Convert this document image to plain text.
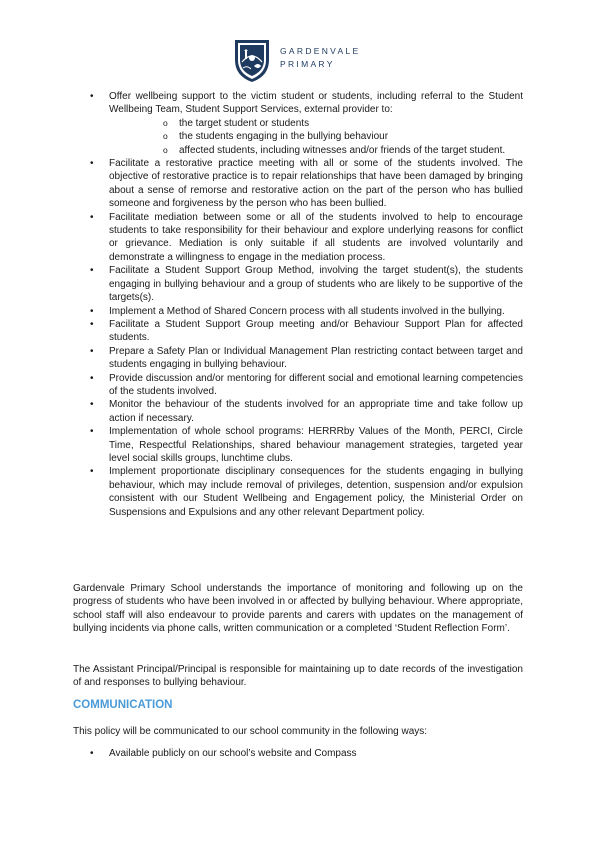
GARDENVALE
PRIMARY
• Offer wellbeing support to the victim student or students, including referral to the Student Wellbeing Team, Student Support Services, external provider to:
o the target student or students
o the students engaging in the bullying behaviour
o affected students, including witnesses and/or friends of the target student.
• Facilitate a restorative practice meeting with all or some of the students involved. The objective of restorative practice is to repair relationships that have been damaged by bringing about a sense of remorse and restorative action on the part of the person who has bullied someone and forgiveness by the person who has been bullied.
• Facilitate mediation between some or all of the students involved to help to encourage students to take responsibility for their behaviour and explore underlying reasons for conflict or grievance. Mediation is only suitable if all students are involved voluntarily and demonstrate a willingness to engage in the mediation process.
• Facilitate a Student Support Group Method, involving the target student(s), the students engaging in bullying behaviour and a group of students who are likely to be supportive of the targets(s).
• Implement a Method of Shared Concern process with all students involved in the bullying.
• Facilitate a Student Support Group meeting and/or Behaviour Support Plan for affected students.
• Prepare a Safety Plan or Individual Management Plan restricting contact between target and students engaging in bullying behaviour.
• Provide discussion and/or mentoring for different social and emotional learning competencies of the students involved.
• Monitor the behaviour of the students involved for an appropriate time and take follow up action if necessary.
• Implementation of whole school programs: HERRRby Values of the Month, PERCI, Circle Time, Respectful Relationships, shared behaviour management strategies, targeted year level social skills groups, lunchtime clubs.
• Implement proportionate disciplinary consequences for the students engaging in bullying behaviour, which may include removal of privileges, detention, suspension and/or expulsion consistent with our Student Wellbeing and Engagement policy, the Ministerial Order on Suspensions and Expulsions and any other relevant Department policy.

Gardenvale Primary School understands the importance of monitoring and following up on the progress of students who have been involved in or affected by bullying behaviour. Where appropriate, school staff will also endeavour to provide parents and carers with updates on the management of bullying incidents via phone calls, written communication or a completed ‘Student Reflection Form’.

The Assistant Principal/Principal is responsible for maintaining up to date records of the investigation of and responses to bullying behaviour.

COMMUNICATION

This policy will be communicated to our school community in the following ways:

• Available publicly on our school’s website and Compass
